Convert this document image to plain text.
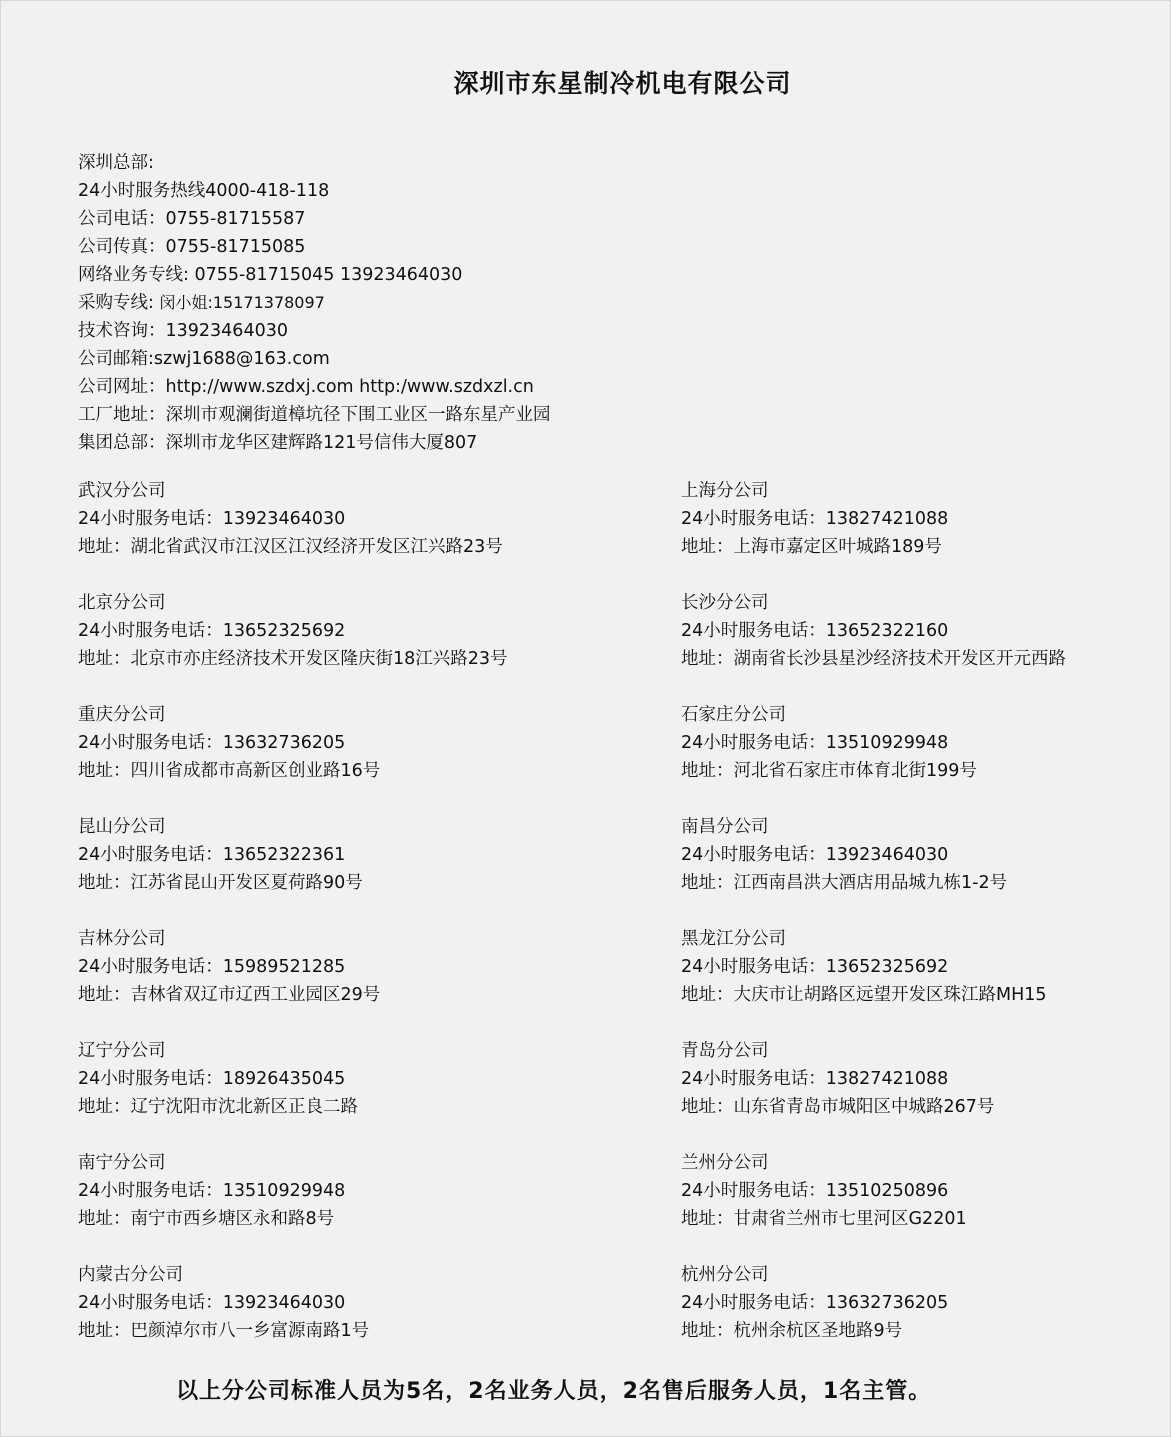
深圳市东星制冷机电有限公司
深圳总部:
24小时服务热线4000-418-118
公司电话：0755-81715587
公司传真：0755-81715085
网络业务专线: 0755-81715045 13923464030
采购专线: 闵小姐:15171378097
技术咨询：13923464030
公司邮箱:szwj1688@163.com
公司网址：http://www.szdxj.com http:/www.szdxzl.cn
工厂地址：深圳市观澜街道樟坑径下围工业区一路东星产业园
集团总部：深圳市龙华区建辉路121号信伟大厦807
武汉分公司
24小时服务电话：13923464030
地址：湖北省武汉市江汉区江汉经济开发区江兴路23号
上海分公司
24小时服务电话：13827421088
地址：上海市嘉定区叶城路189号
北京分公司
24小时服务电话：13652325692
地址：北京市亦庄经济技术开发区隆庆街18江兴路23号
长沙分公司
24小时服务电话：13652322160
地址：湖南省长沙县星沙经济技术开发区开元西路
重庆分公司
24小时服务电话：13632736205
地址：四川省成都市高新区创业路16号
石家庄分公司
24小时服务电话：13510929948
地址：河北省石家庄市体育北街199号
昆山分公司
24小时服务电话：13652322361
地址：江苏省昆山开发区夏荷路90号
南昌分公司
24小时服务电话：13923464030
地址：江西南昌洪大酒店用品城九栋1-2号
吉林分公司
24小时服务电话：15989521285
地址：吉林省双辽市辽西工业园区29号
黑龙江分公司
24小时服务电话：13652325692
地址：大庆市让胡路区远望开发区珠江路MH15
辽宁分公司
24小时服务电话：18926435045
地址：辽宁沈阳市沈北新区正良二路
青岛分公司
24小时服务电话：13827421088
地址：山东省青岛市城阳区中城路267号
南宁分公司
24小时服务电话：13510929948
地址：南宁市西乡塘区永和路8号
兰州分公司
24小时服务电话：13510250896
地址：甘肃省兰州市七里河区G2201
内蒙古分公司
24小时服务电话：13923464030
地址：巴颜淖尔市八一乡富源南路1号
杭州分公司
24小时服务电话：13632736205
地址：杭州余杭区圣地路9号
以上分公司标准人员为5名，2名业务人员，2名售后服务人员，1名主管。
